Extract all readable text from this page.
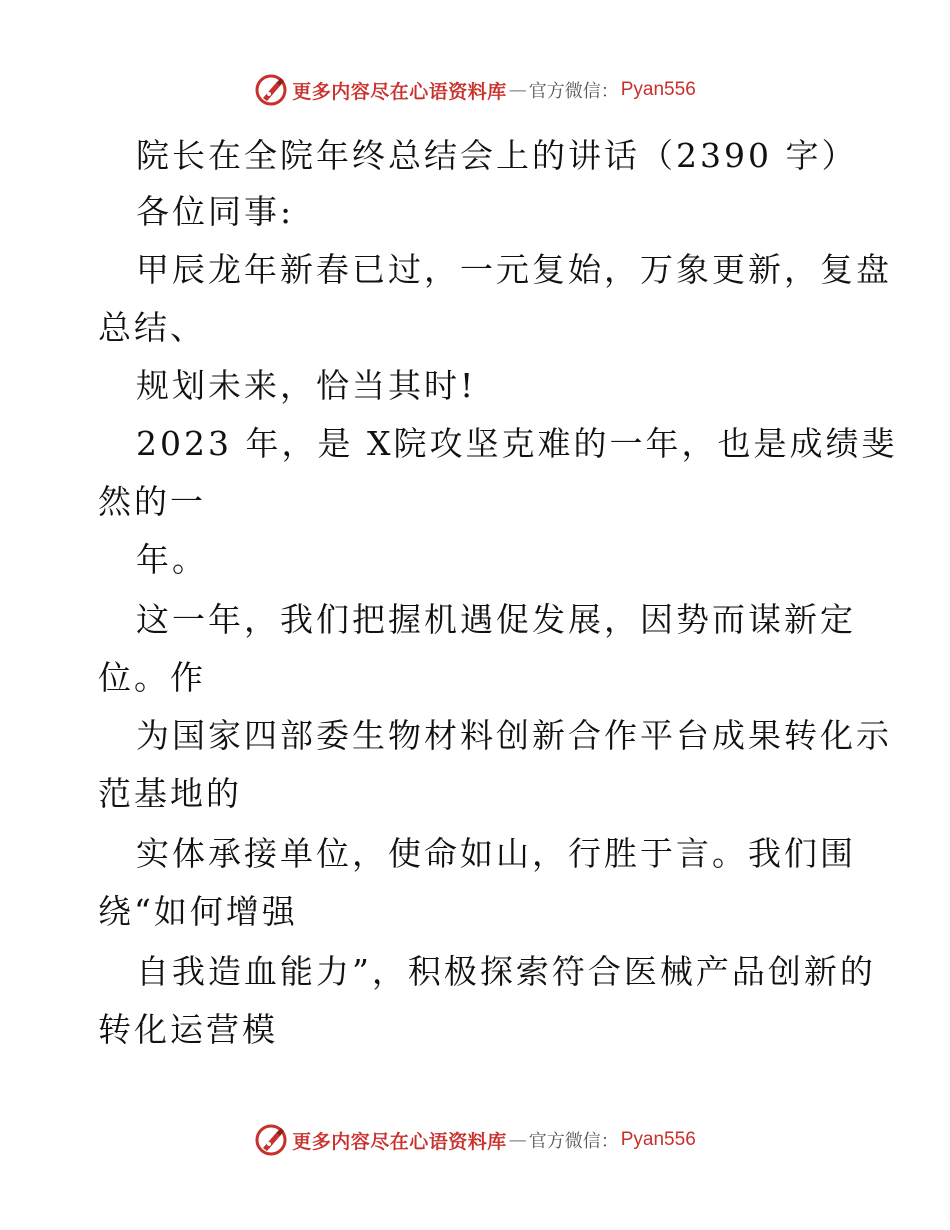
更多内容尽在心语资料库 — 官方微信： Pyan556
院长在全院年终总结会上的讲话（2390 字）
各位同事:
甲辰龙年新春已过，一元复始，万象更新，复盘
总结、
规划未来，恰当其时!
2023 年，是 X院攻坚克难的一年，也是成绩斐
然的一
年。
这一年，我们把握机遇促发展，因势而谋新定
位。作
为国家四部委生物材料创新合作平台成果转化示
范基地的
实体承接单位，使命如山，行胜于言。我们围
绕“如何增强
自我造血能力”，积极探索符合医械产品创新的
转化运营模
更多内容尽在心语资料库 — 官方微信： Pyan556
